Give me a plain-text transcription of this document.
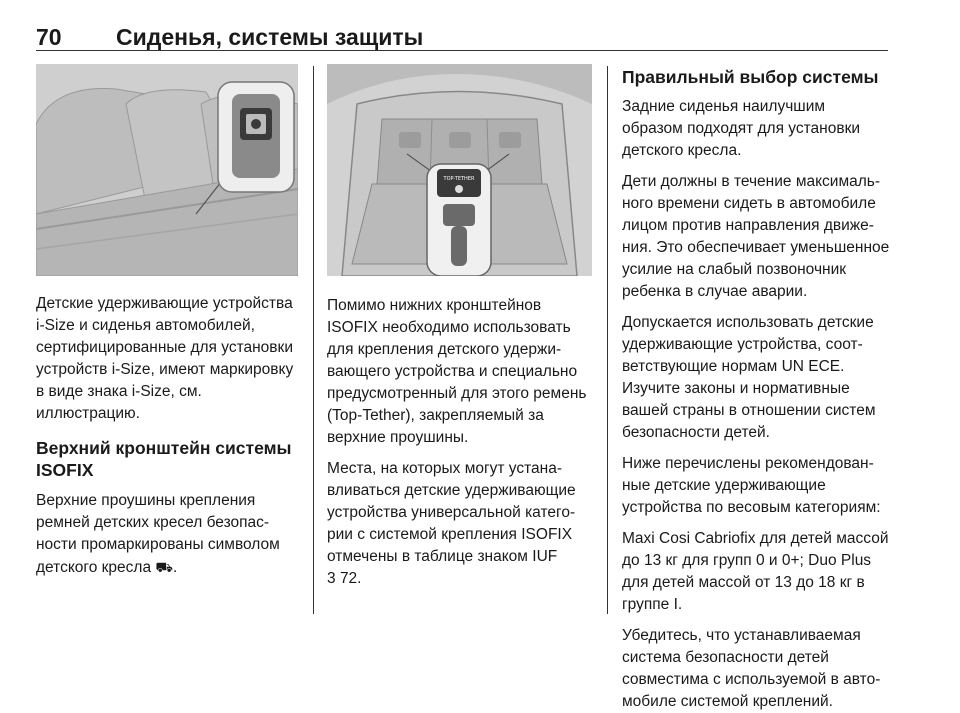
70 Сиденья, системы защиты

Детские удерживающие устройства i-Size и сиденья автомобилей, сертифицированные для установки устройств i-Size, имеют маркировку в виде знака i-Size, см. иллюстрацию.

Верхний кронштейн системы ISOFIX

Верхние проушины крепления ремней детских кресел безопасности промаркированы символом детского кресла ⛟.

TOP-TETHER

Помимо нижних кронштейнов ISOFIX необходимо использовать для крепления детского удерживающего устройства и специально предусмотренный для этого ремень (Top-Tether), закрепляемый за верхние проушины.

Места, на которых могут устанавливаться детские удерживающие устройства универсальной категории с системой крепления ISOFIX отмечены в таблице знаком IUF
3 72.

Правильный выбор системы

Задние сиденья наилучшим образом подходят для установки детского кресла.

Дети должны в течение максимального времени сидеть в автомобиле лицом против направления движения. Это обеспечивает уменьшенное усилие на слабый позвоночник ребенка в случае аварии.

Допускается использовать детские удерживающие устройства, соответствующие нормам UN ECE. Изучите законы и нормативные вашей страны в отношении систем безопасности детей.

Ниже перечислены рекомендованные детские удерживающие устройства по весовым категориям:

Maxi Cosi Cabriofix для детей массой до 13 кг для групп 0 и 0+; Duo Plus для детей массой от 13 до 18 кг в группе I.

Убедитесь, что устанавливаемая система безопасности детей совместима с используемой в автомобиле системой креплений.
